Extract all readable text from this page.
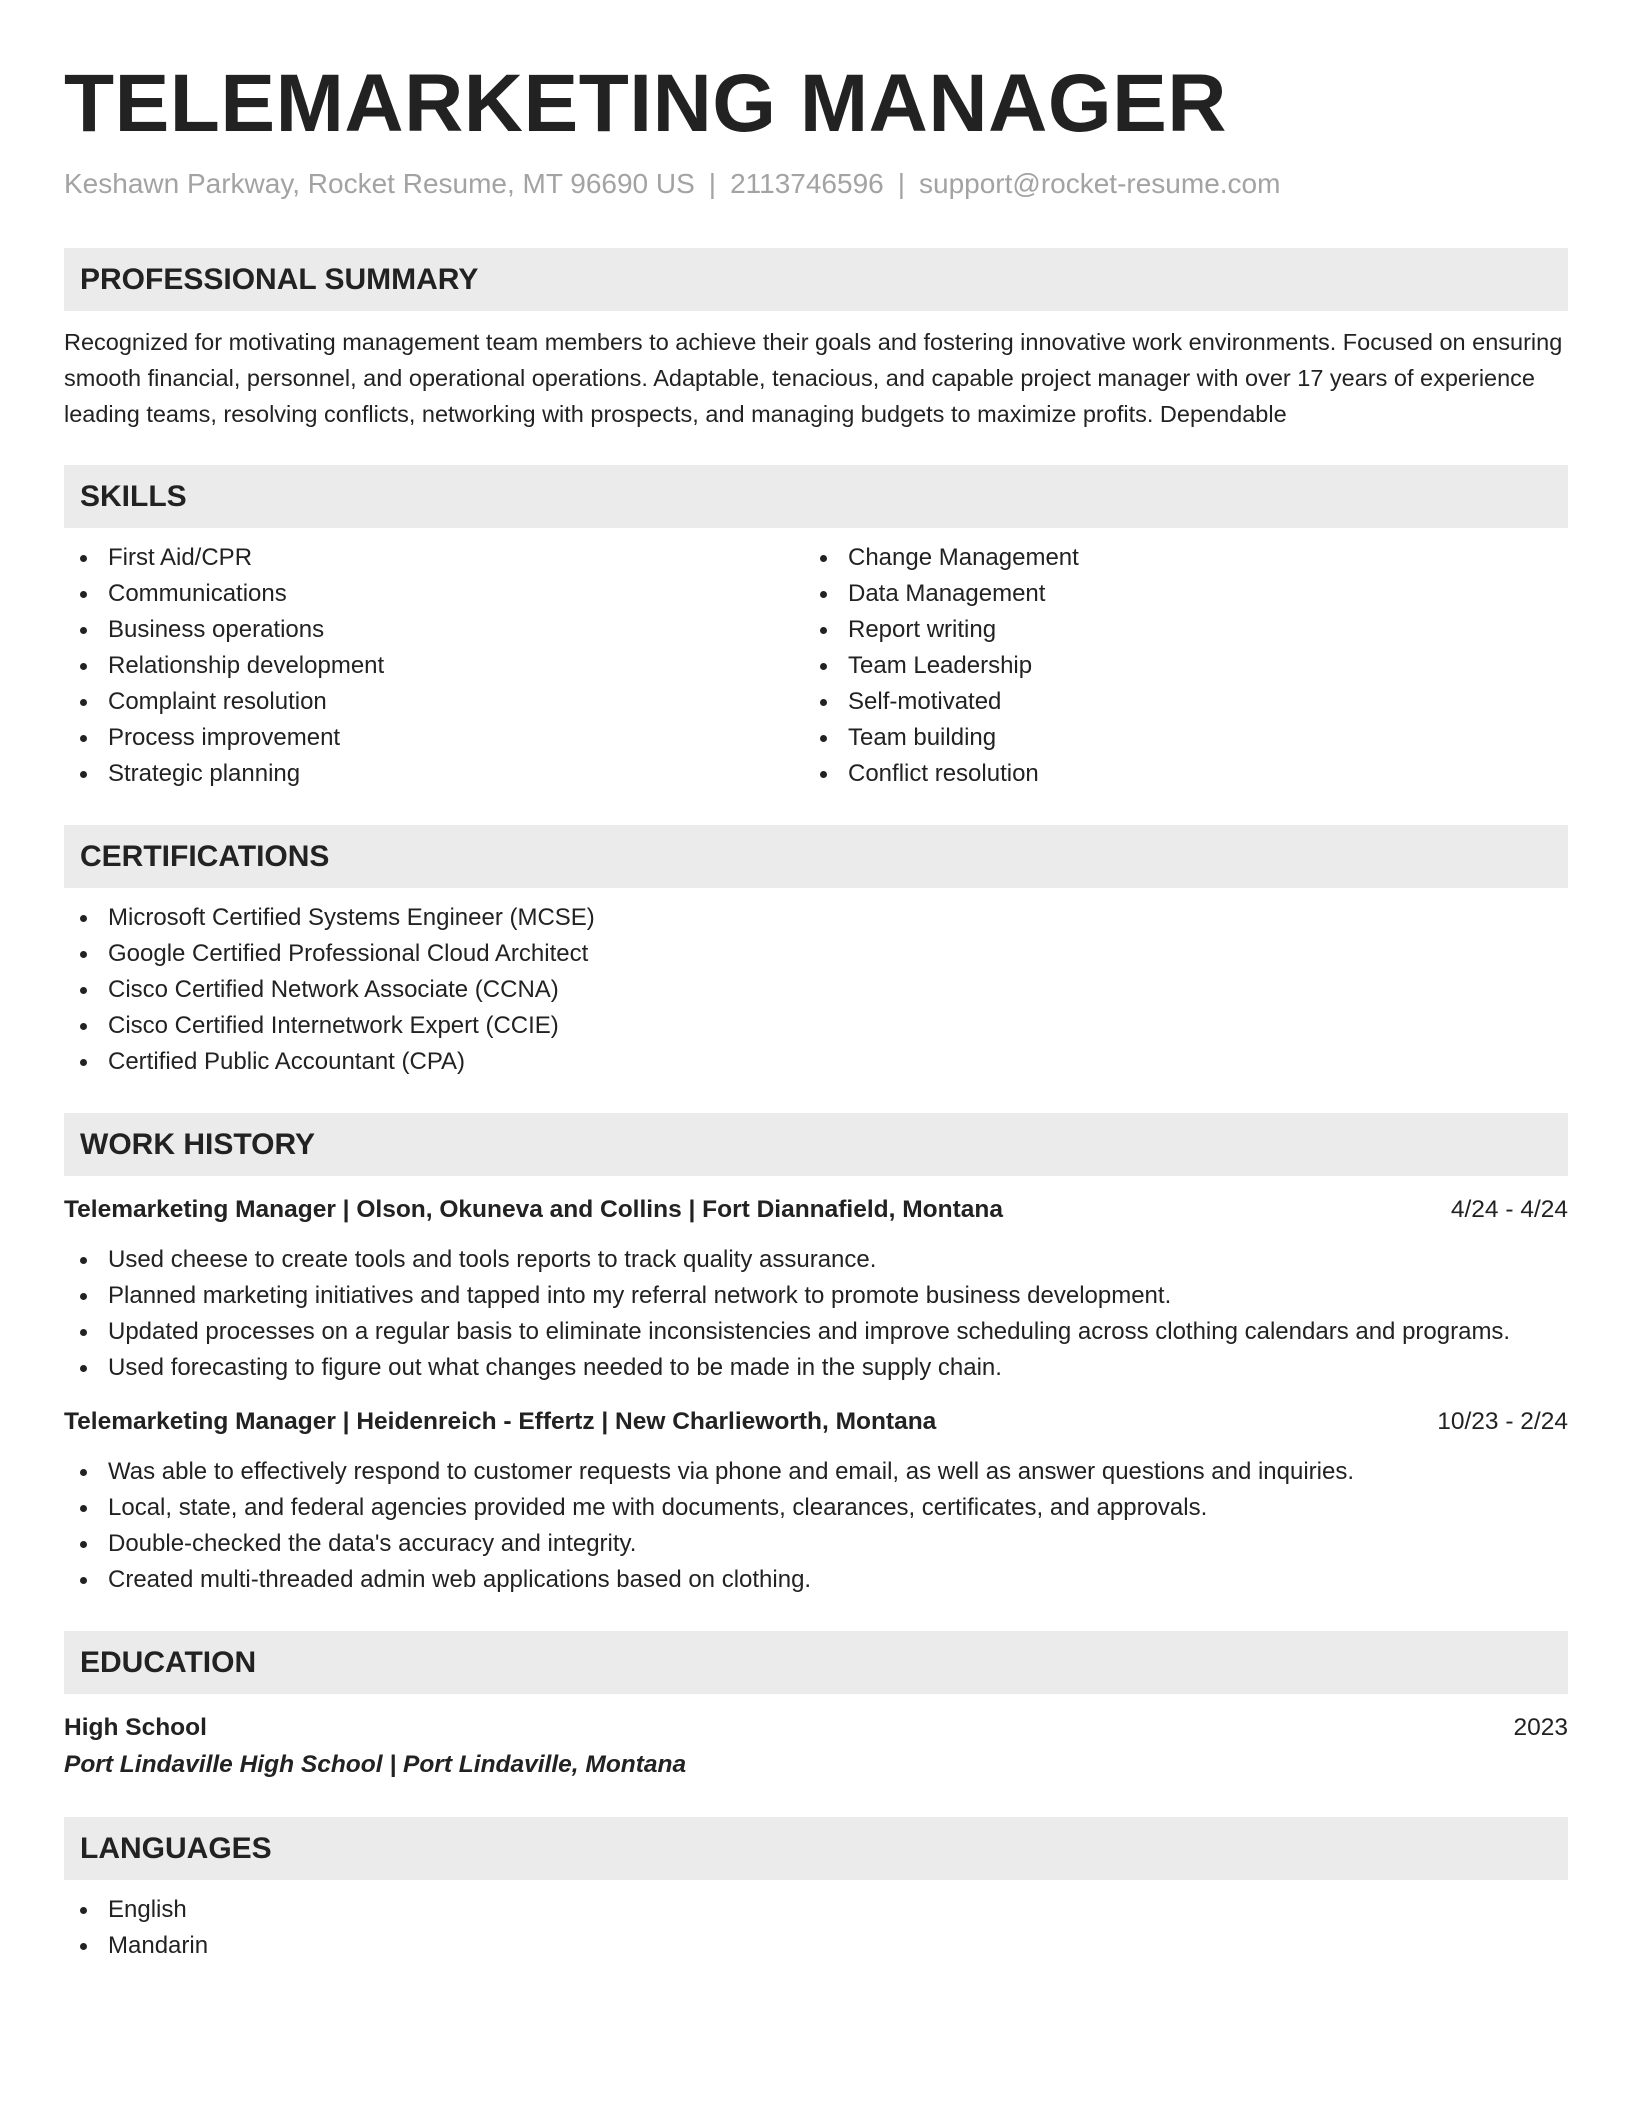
TELEMARKETING MANAGER
Keshawn Parkway, Rocket Resume, MT 96690 US | 2113746596 | support@rocket-resume.com
PROFESSIONAL SUMMARY

Recognized for motivating management team members to achieve their goals and fostering innovative work environments. Focused on ensuring smooth financial, personnel, and operational operations. Adaptable, tenacious, and capable project manager with over 17 years of experience leading teams, resolving conflicts, networking with prospects, and managing budgets to maximize profits. Dependable

SKILLS
First Aid/CPR
Communications
Business operations
Relationship development
Complaint resolution
Process improvement
Strategic planning
Change Management
Data Management
Report writing
Team Leadership
Self-motivated
Team building
Conflict resolution
CERTIFICATIONS
Microsoft Certified Systems Engineer (MCSE)
Google Certified Professional Cloud Architect
Cisco Certified Network Associate (CCNA)
Cisco Certified Internetwork Expert (CCIE)
Certified Public Accountant (CPA)
WORK HISTORY
Telemarketing Manager | Olson, Okuneva and Collins | Fort Diannafield, Montana	4/24 - 4/24
Used cheese to create tools and tools reports to track quality assurance.
Planned marketing initiatives and tapped into my referral network to promote business development.
Updated processes on a regular basis to eliminate inconsistencies and improve scheduling across clothing calendars and programs.
Used forecasting to figure out what changes needed to be made in the supply chain.
Telemarketing Manager | Heidenreich - Effertz | New Charlieworth, Montana	10/23 - 2/24
Was able to effectively respond to customer requests via phone and email, as well as answer questions and inquiries.
Local, state, and federal agencies provided me with documents, clearances, certificates, and approvals.
Double-checked the data's accuracy and integrity.
Created multi-threaded admin web applications based on clothing.
EDUCATION
High School	2023
Port Lindaville High School | Port Lindaville, Montana
LANGUAGES
English
Mandarin
